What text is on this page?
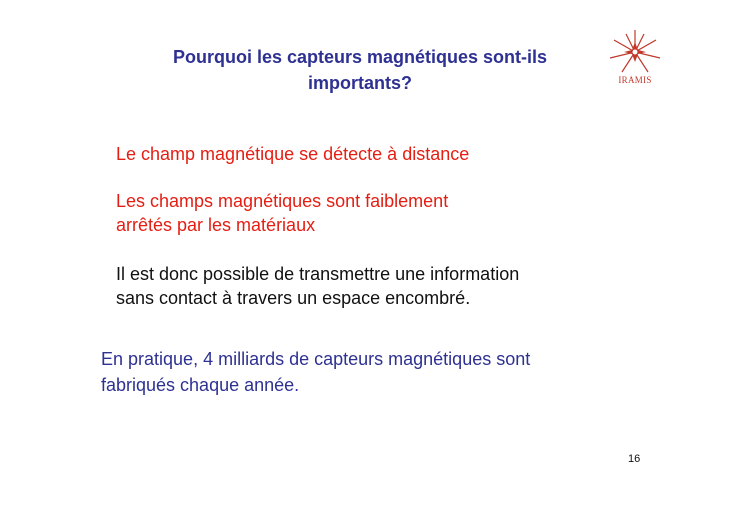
Pourquoi les capteurs magnétiques sont-ils
importants?	IRAMIS

Le champ magnétique se détecte à distance

Les champs magnétiques sont faiblement
arrêtés par les matériaux

Il est donc possible de transmettre une information
sans contact à travers un espace encombré.

En pratique, 4 milliards de capteurs magnétiques sont
fabriqués chaque année.

16
